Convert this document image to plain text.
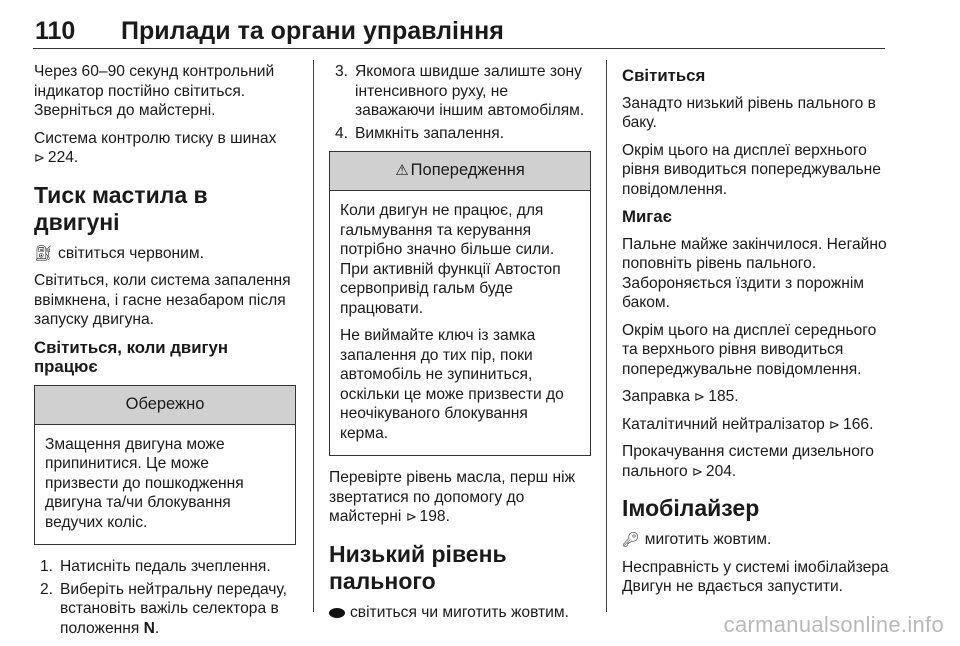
110 Прилади та органи управління

Через 60–90 секунд контрольний індикатор постійно світиться. Зверніться до майстерні.

Система контролю тиску в шинах
⊲ 224.

Тиск мастила в двигуні

⛽︎ світиться червоним.

Світиться, коли система запалення ввімкнена, і гасне незабаром після запуску двигуна.

Світиться, коли двигун працює
Обережно

Змащення двигуна може припинитися. Це може призвести до пошкодження двигуна та/чи блокування ведучих коліс.

1. Натисніть педаль зчеплення.
2. Виберіть нейтральну передачу, встановіть важіль селектора в положення N.
3. Якомога швидше залиште зону інтенсивного руху, не заважаючи іншим автомобілям.
4. Вимкніть запалення.
⚠ Попередження

Коли двигун не працює, для гальмування та керування потрібно значно більше сили. При активній функції Автостоп сервопривід гальм буде працювати.

Не виймайте ключ із замка запалення до тих пір, поки автомобіль не зупиниться, оскільки це може призвести до неочікуваного блокування керма.

Перевірте рівень масла, перш ніж звертатися по допомогу до майстерні ⊲ 198.

Низький рівень пального

світиться чи миготить жовтим.

Світиться

Занадто низький рівень пального в баку.

Окрім цього на дисплеї верхнього рівня виводиться попереджувальне повідомлення.

Мигає

Пальне майже закінчилося. Негайно поповніть рівень пального. Забороняється їздити з порожнім баком.

Окрім цього на дисплеї середнього та верхнього рівня виводиться попереджувальне повідомлення.

Заправка ⊲ 185.

Каталітичний нейтралізатор ⊲ 166.

Прокачування системи дизельного пального ⊲ 204.

Імобілайзер

🔑︎ миготить жовтим.

Несправність у системі імобілайзера Двигун не вдається запустити.

carmanualsonline.info
